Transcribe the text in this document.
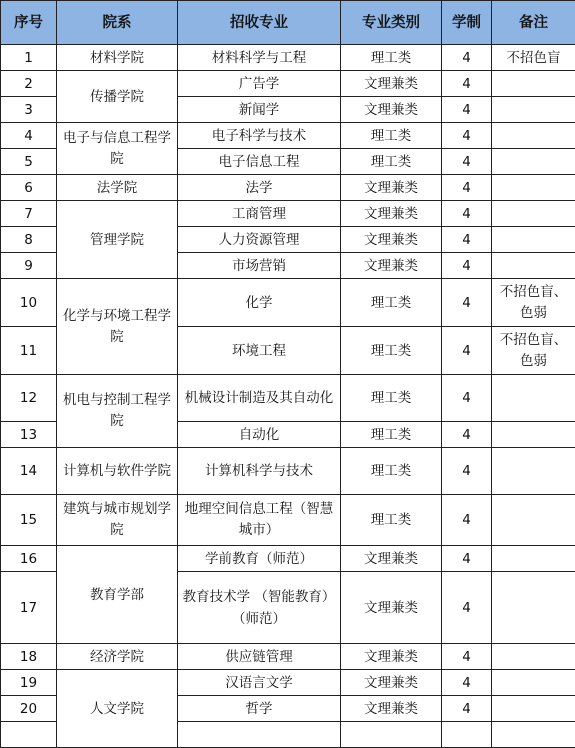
序号	院系	招收专业	专业类别	学制	备注
1	材料学院	材料科学与工程	理工类	4	不招色盲
2	传播学院	广告学	文理兼类	4	
3		新闻学	文理兼类	4	
4	电子与信息工程学院	电子科学与技术	理工类	4	
5		电子信息工程	理工类	4	
6	法学院	法学	文理兼类	4	
7	管理学院	工商管理	文理兼类	4	
8		人力资源管理	文理兼类	4	
9		市场营销	文理兼类	4	
10	化学与环境工程学院	化学	理工类	4	不招色盲、色弱
11		环境工程	理工类	4	不招色盲、色弱
12	机电与控制工程学院	机械设计制造及其自动化	理工类	4	
13		自动化	理工类	4	
14	计算机与软件学院	计算机科学与技术	理工类	4	
15	建筑与城市规划学院	地理空间信息工程（智慧城市）	理工类	4	
16	教育学部	学前教育（师范）	文理兼类	4	
17		教育技术学 （智能教育）（师范）	文理兼类	4	
18	经济学院	供应链管理	文理兼类	4	
19	人文学院	汉语言文学	文理兼类	4	
20		哲学	文理兼类	4	
